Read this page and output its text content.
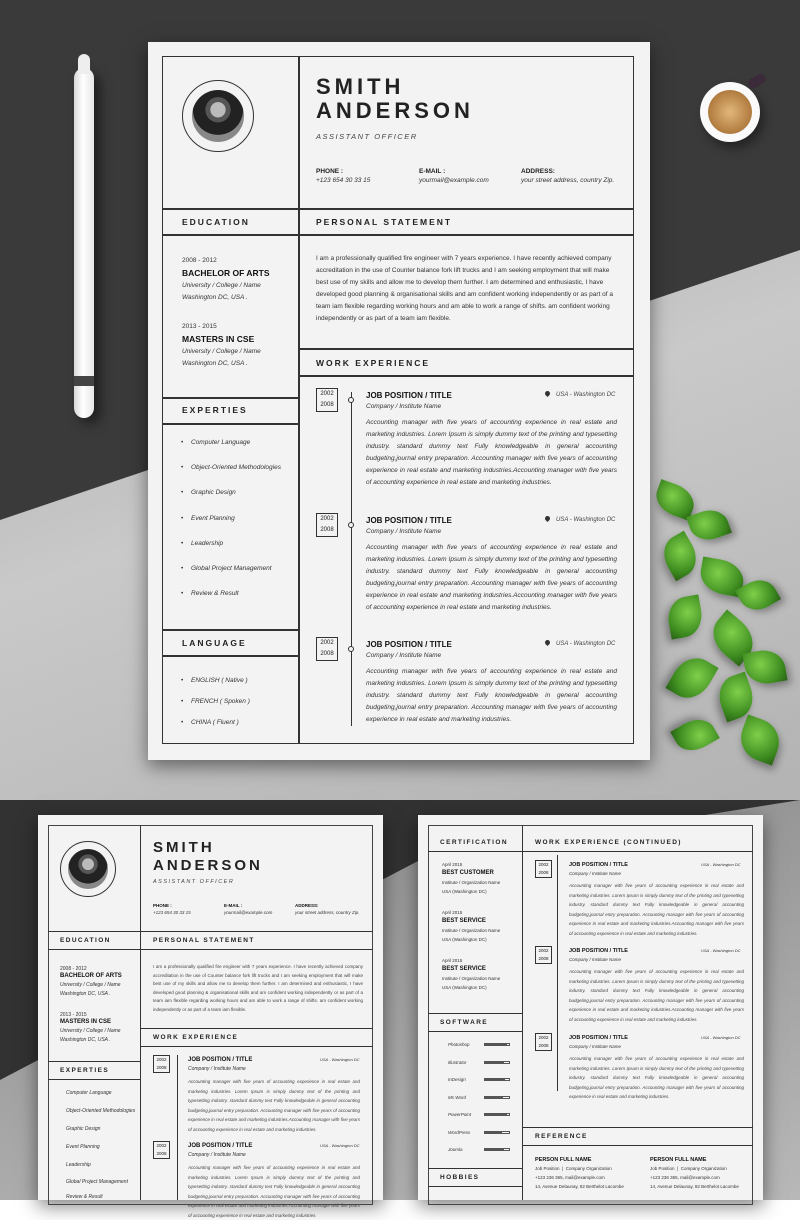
SMITH
ANDERSON
ASSISTANT OFFICER
PHONE :
+123 654 30 33 15
E-MAIL :
yourmail@example.com
ADDRESS:
your street address, country Zip.
EDUCATION	PERSONAL STATEMENT
2008 - 2012
BACHELOR OF ARTS
University / College / Name
Washington DC, USA .
2013 - 2015
MASTERS IN CSE
University / College / Name
Washington DC, USA .
I am a professionally qualified fire engineer with 7 years experience. I have recently achieved company accreditation in the use of Counter balance fork lift trucks and I am seeking employment that will make best use of my skills and allow me to develop them further. I am determined and enthusiastic, I have developed good planning & organisational skills and am confident working independently or as part of a team iam flexible regarding working hours and am able to work a range of shifts. am confident working independently or as part of a team iam flexible.
EXPERTIES
• Computer Language
• Object-Oriented Methodologies
• Graphic Design
• Event Planning
• Leadership
• Global Project Management
• Review & Result
LANGUAGE
• ENGLISH ( Native )
• FRENCH ( Spoken )
• CHINA ( Fluent )
WORK EXPERIENCE
2002
2008
JOB POSITION / TITLE
Company / Institute Name
USA - Washington DC
Accounting manager with five years of accounting experience in real estate and marketing industries. Lorem Ipsum is simply dummy text of the printing and typesetting industry. standard dummy text Fully knowledgeable in general accounting budgeting,journal entry preparation. Accounting manager with five years of accounting experience in real estate and marketing industries.Accounting manager with five years of accounting experience in real estate and marketing industries.
2002
2008
JOB POSITION / TITLE
Company / Institute Name
USA - Washington DC
Accounting manager with five years of accounting experience in real estate and marketing industries. Lorem Ipsum is simply dummy text of the printing and typesetting industry. standard dummy text Fully knowledgeable in general accounting budgeting,journal entry preparation. Accounting manager with five years of accounting experience in real estate and marketing industries.Accounting manager with five years of accounting experience in real estate and marketing industries.
2002
2008
JOB POSITION / TITLE
Company / Institute Name
USA - Washington DC
Accounting manager with five years of accounting experience in real estate and marketing industries. Lorem Ipsum is simply dummy text of the printing and typesetting industry. standard dummy text Fully knowledgeable in general accounting budgeting,journal entry preparation. Accounting manager with five years of accounting experience in real estate and marketing industries.
SMITH
ANDERSON
ASSISTANT OFFICER
PHONE :
+123 654 30 33 15
E-MAIL :
yourmail@example.com
ADDRESS:
your street address, country Zip.
EDUCATION	PERSONAL STATEMENT
2008 - 2012
BACHELOR OF ARTS
University / College / Name
Washington DC, USA .
2013 - 2015
MASTERS IN CSE
University / College / Name
Washington DC, USA .
I am a professionally qualified fire engineer with 7 years experience. I have recently achieved company accreditation in the use of Counter balance fork lift trucks and I am seeking employment that will make best use of my skills and allow me to develop them further. I am determined and enthusiastic, I have developed good planning & organisational skills and am confident working independently or as part of a team iam flexible regarding working hours and am able to work a range of shifts. am confident working independently or as part of a team iam flexible.
EXPERTIES
Computer Language
Object-Oriented Methodologies
Graphic Design
Event Planning
Leadership
Global Project Management
Review & Result
WORK EXPERIENCE
2002
2008
JOB POSITION / TITLE
Company / Institute Name
USA - Washington DC
Accounting manager with five years of accounting experience in real estate and marketing industries. Lorem Ipsum is simply dummy text of the printing and typesetting industry. standard dummy text Fully knowledgeable in general accounting budgeting,journal entry preparation. Accounting manager with five years of accounting experience in real estate and marketing industries.Accounting manager with five years of accounting experience in real estate and marketing industries.
2002
2008
JOB POSITION / TITLE
Company / Institute Name
USA - Washington DC
Accounting manager with five years of accounting experience in real estate and marketing industries. Lorem Ipsum is simply dummy text of the printing and typesetting industry. standard dummy text Fully knowledgeable in general accounting budgeting,journal entry preparation. Accounting manager with five years of accounting experience in real estate and marketing industries.Accounting manager with five years of accounting experience in real estate and marketing industries.
CERTIFICATION	WORK EXPERIENCE (CONTINUED)
April 2015
BEST CUSTOMER
Institute / Organization Name
USA (Washington DC)
April 2015
BEST SERVICE
Institute / Organization Name
USA (Washington DC)
April 2015
BEST SERVICE
Institute / Organization Name
USA (Washington DC)
SOFTWARE
Photoshop
Illustrator
InDesign
Ms Word
PowerPoint
WordPress
Joomla
HOBBIES
2002
2008
JOB POSITION / TITLE
Company / Institute Name
USA - Washington DC
Accounting manager with five years of accounting experience in real estate and marketing industries. Lorem Ipsum is simply dummy text of the printing and typesetting industry. standard dummy text Fully knowledgeable in general accounting budgeting,journal entry preparation. Accounting manager with five years of accounting experience in real estate and marketing industries.Accounting manager with five years of accounting experience in real estate and marketing industries.
2002
2008
JOB POSITION / TITLE
Company / Institute Name
USA - Washington DC
Accounting manager with five years of accounting experience in real estate and marketing industries. Lorem Ipsum is simply dummy text of the printing and typesetting industry. standard dummy text Fully knowledgeable in general accounting budgeting,journal entry preparation. Accounting manager with five years of accounting experience in real estate and marketing industries.Accounting manager with five years of accounting experience in real estate and marketing industries.
2002
2008
JOB POSITION / TITLE
Company / Institute Name
USA - Washington DC
Accounting manager with five years of accounting experience in real estate and marketing industries. Lorem Ipsum is simply dummy text of the printing and typesetting industry. standard dummy text Fully knowledgeable in general accounting budgeting,journal entry preparation. Accounting manager with five years of accounting experience in real estate and marketing industries.
REFERENCE
PERSON FULL NAME
Job Position | Company Organization
+123 236 365, mail@example.com
14, Avenue Delaunay, 82 Berthelot Lacombe
PERSON FULL NAME
Job Position | Company Organization
+123 236 365, mail@example.com
14, Avenue Delaunay, 82 Berthelot Lacombe
